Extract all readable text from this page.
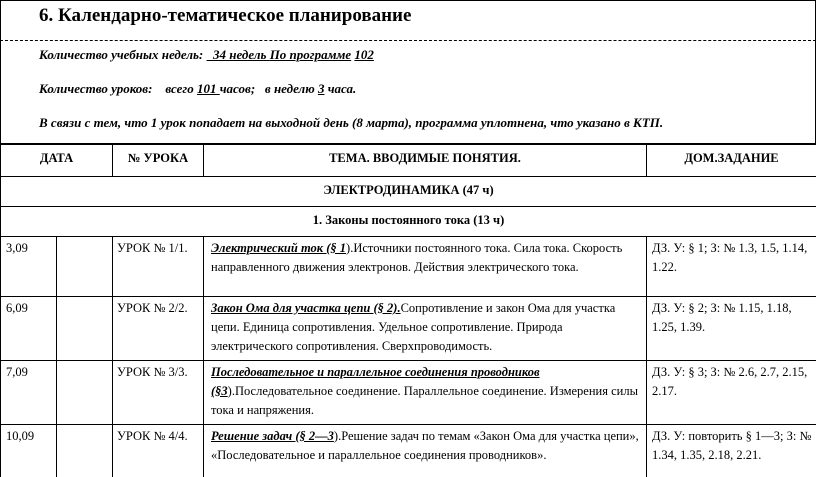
6. Календарно-тематическое планирование
Количество учебных недель: 34 недель По программе 102
Количество уроков: всего 101 часов; в неделю 3 часа.
В связи с тем, что 1 урок попадает на выходной день (8 марта), программа уплотнена, что указано в КТП.
ДАТА		№ УРОКА	ТЕМА. ВВОДИМЫЕ ПОНЯТИЯ.	ДОМ.ЗАДАНИЕ
ЭЛЕКТРОДИНАМИКА (47 ч)				
1. Законы постоянного тока (13 ч)				
3,09		УРОК № 1/1.	Электрический ток (§ 1).Источники постоянного тока. Сила тока. Скорость направленного движения электронов. Действия электрического тока.	ДЗ. У: § 1; З: № 1.3, 1.5, 1.14, 1.22.
6,09		УРОК № 2/2.	Закон Ома для участка цепи (§ 2).Сопротивление и закон Ома для участка цепи. Единица сопротивления. Удельное сопротивление. Природа электрического сопротивления. Сверхпроводимость.	ДЗ. У: § 2; З: № 1.15, 1.18, 1.25, 1.39.
7,09		УРОК № 3/3.	Последовательное и параллельное соединения проводников (§3).Последовательное соединение. Параллельное соединение. Измерения силы тока и напряжения.	ДЗ. У: § 3; З: № 2.6, 2.7, 2.15, 2.17.
10,09		УРОК № 4/4.	Решение задач (§ 2—3).Решение задач по темам «Закон Ома для участка цепи», «Последовательное и параллельное соединения проводников».	ДЗ. У: повторить § 1—3; З: № 1.34, 1.35, 2.18, 2.21.
